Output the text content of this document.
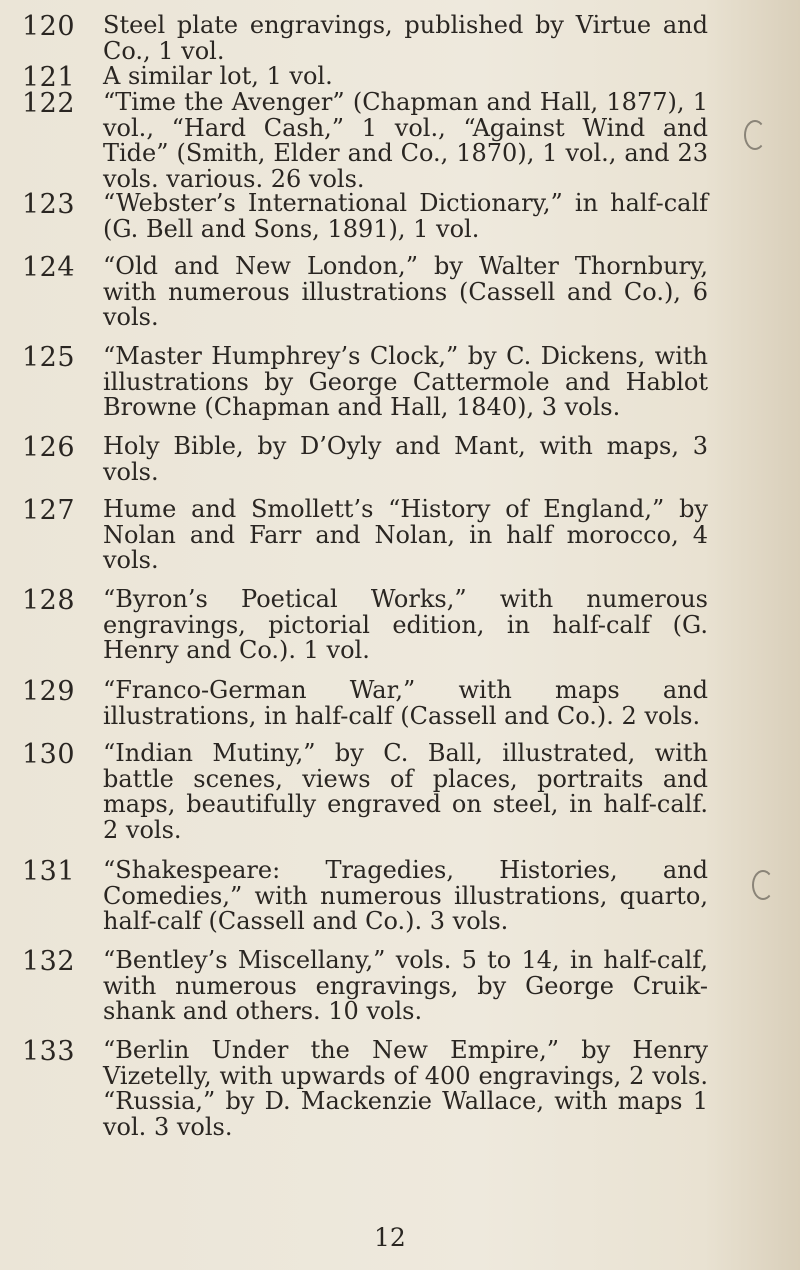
120 Steel plate engravings, published by Virtue and Co., 1 vol.
121 A similar lot, 1 vol.
122 “Time the Avenger” (Chapman and Hall, 1877), 1 vol., “Hard Cash,” 1 vol., “Against Wind and Tide” (Smith, Elder and Co., 1870), 1 vol., and 23 vols. various. 26 vols.
123 “Webster’s International Dictionary,” in half-calf (G. Bell and Sons, 1891), 1 vol.
124 “Old and New London,” by Walter Thornbury, with numerous illustrations (Cassell and Co.), 6 vols.
125 “Master Humphrey’s Clock,” by C. Dickens, with illustrations by George Cattermole and Hablot Browne (Chapman and Hall, 1840), 3 vols.
126 Holy Bible, by D’Oyly and Mant, with maps, 3 vols.
127 Hume and Smollett’s “History of England,” by Nolan and Farr and Nolan, in half morocco, 4 vols.
128 “Byron’s Poetical Works,” with numerous engravings, pictorial edition, in half-calf (G. Henry and Co.). 1 vol.
129 “Franco-German War,” with maps and illustrations, in half-calf (Cassell and Co.). 2 vols.
130 “Indian Mutiny,” by C. Ball, illustrated, with battle scenes, views of places, portraits and maps, beautifully engraved on steel, in half-calf. 2 vols.
131 “Shakespeare: Tragedies, Histories, and Comedies,” with numerous illustrations, quarto, half-calf (Cassell and Co.). 3 vols.
132 “Bentley’s Miscellany,” vols. 5 to 14, in half-calf, with numerous engravings, by George Cruik-shank and others. 10 vols.
133 “Berlin Under the New Empire,” by Henry Vizetelly, with upwards of 400 engravings, 2 vols. “Russia,” by D. Mackenzie Wallace, with maps 1 vol. 3 vols.
12
